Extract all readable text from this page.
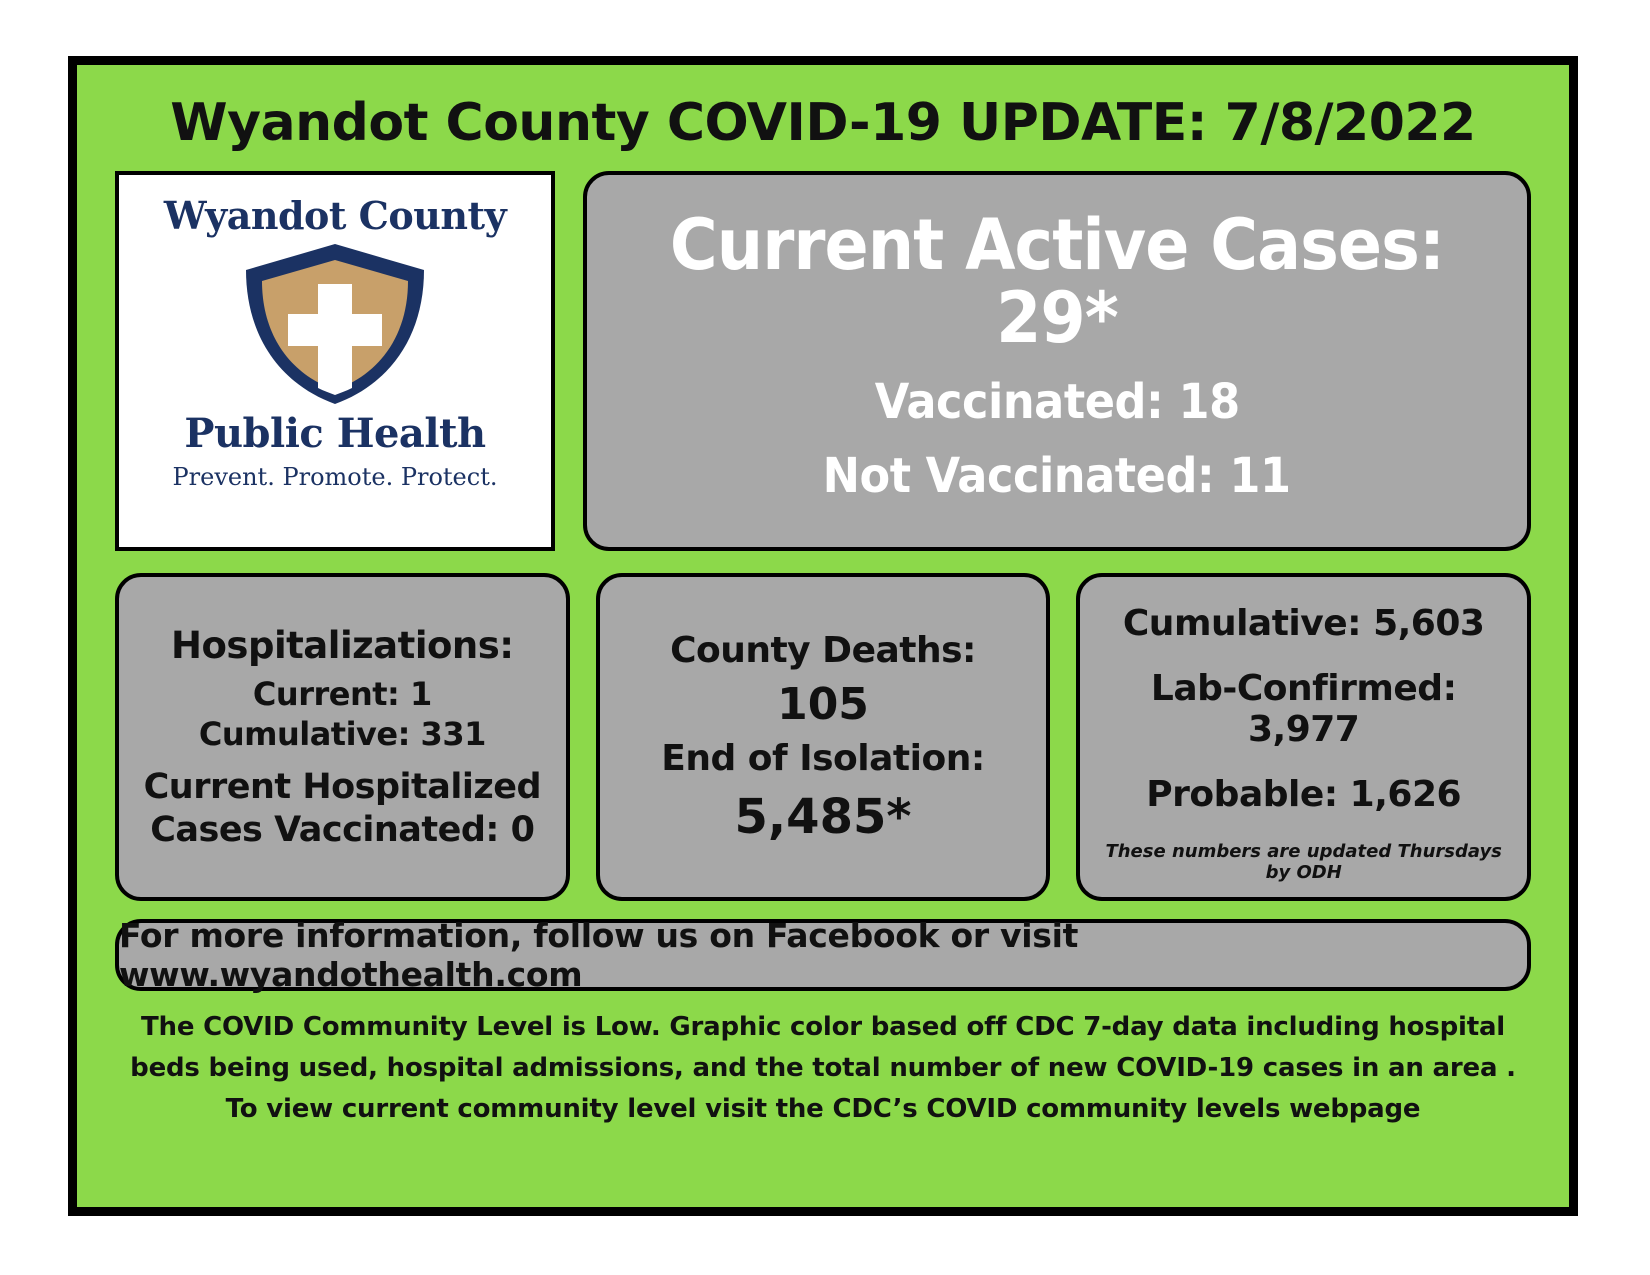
Wyandot County COVID-19 UPDATE: 7/8/2022
Wyandot County
Public Health
Prevent. Promote. Protect.
Current Active Cases: 29*
Vaccinated: 18
Not Vaccinated: 11
Hospitalizations:
Current: 1
Cumulative: 331
Current Hospitalized
Cases Vaccinated: 0
County Deaths:
105
End of Isolation:
5,485*
Cumulative: 5,603
Lab-Confirmed: 3,977
Probable: 1,626
These numbers are updated Thursdays by ODH
For more information, follow us on Facebook or visit www.wyandothealth.com
The COVID Community Level is Low. Graphic color based off CDC 7-day data including hospital
beds being used, hospital admissions, and the total number of new COVID-19 cases in an area .
To view current community level visit the CDC’s COVID community levels webpage
